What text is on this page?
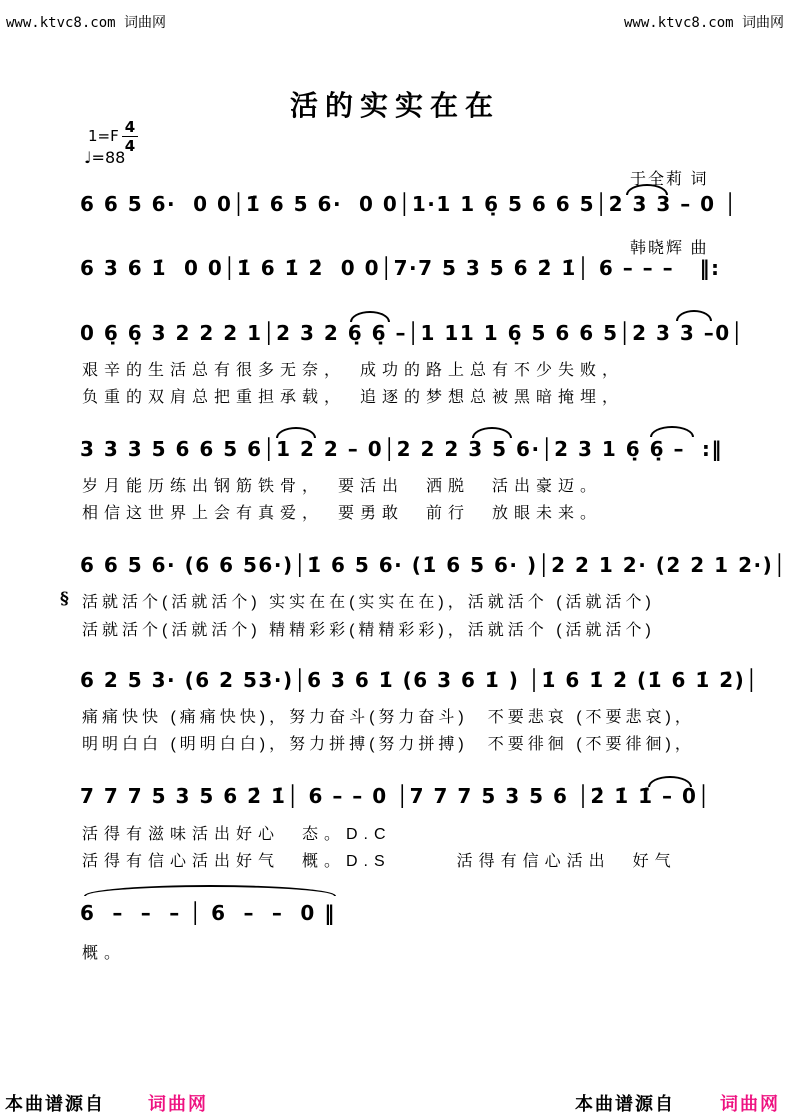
www.ktvc8.com 词曲网	www.ktvc8.com 词曲网
活的实实在在

于全莉 词

韩晓辉 曲

$1=F \frac{4}{4}$
♩=88
6 6 5 6·  0 0│1̇ 6 5 6·  0 0│1·1 1 6̣ 5 6 6 5│2 3 3 – 0 │
6 3 6 1̇  0 0│1̇ 6 1̇ 2̇  0 0│7·7 5 3 5 6 2̇ 1̇│ 6 – – –   ‖:
0 6̣ 6̣ 3 2 2 2 1│2 3 2 6̣ 6̣ –│1 11 1 6̣ 5 6 6 5│2 3 3 –0│
3 3 3 5 6 6 5 6│1 2 2 – 0│2 2 2 3 5 6·│2 3 1 6̣ 6̣ –  :‖
6 6 5 6· (6 6 56·)│1̇ 6 5 6· (1̇ 6 5 6· )│2 2 1 2· (2 2 1 2·)│
6 2 5 3· (6 2 53·)│6 3 6 1̇ (6 3 6 1̇ ) │1̇ 6 1̇ 2̇ (1̇ 6 1̇ 2̇)│
7 7 7 5 3 5 6 2̇ 1̇│ 6 – – 0 │7 7 7 5 3 5 6 │2̇ 1̇ 1̇ – 0│
6  –  –  – │ 6  –  –  0 ‖
§
艰辛的生活总有很多无奈，　成功的路上总有不少失败，
负重的双肩总把重担承载，　追逐的梦想总被黑暗掩埋，
岁月能历练出钢筋铁骨，　要活出　洒脱　活出豪迈。
相信这世界上会有真爱，　要勇敢　前行　放眼未来。
活就活个(活就活个) 实实在在(实实在在)，活就活个 (活就活个)
活就活个(活就活个) 精精彩彩(精精彩彩)，活就活个 (活就活个)
痛痛快快 (痛痛快快)，努力奋斗(努力奋斗)　不要悲哀 (不要悲哀)，
明明白白 (明明白白)，努力拼搏(努力拼搏)　不要徘徊 (不要徘徊)，
活得有滋味活出好心　态。D.C
活得有信心活出好气　概。D.S　　　活得有信心活出　好气
概。
本曲谱源自 词曲网	本曲谱源自	词曲网
